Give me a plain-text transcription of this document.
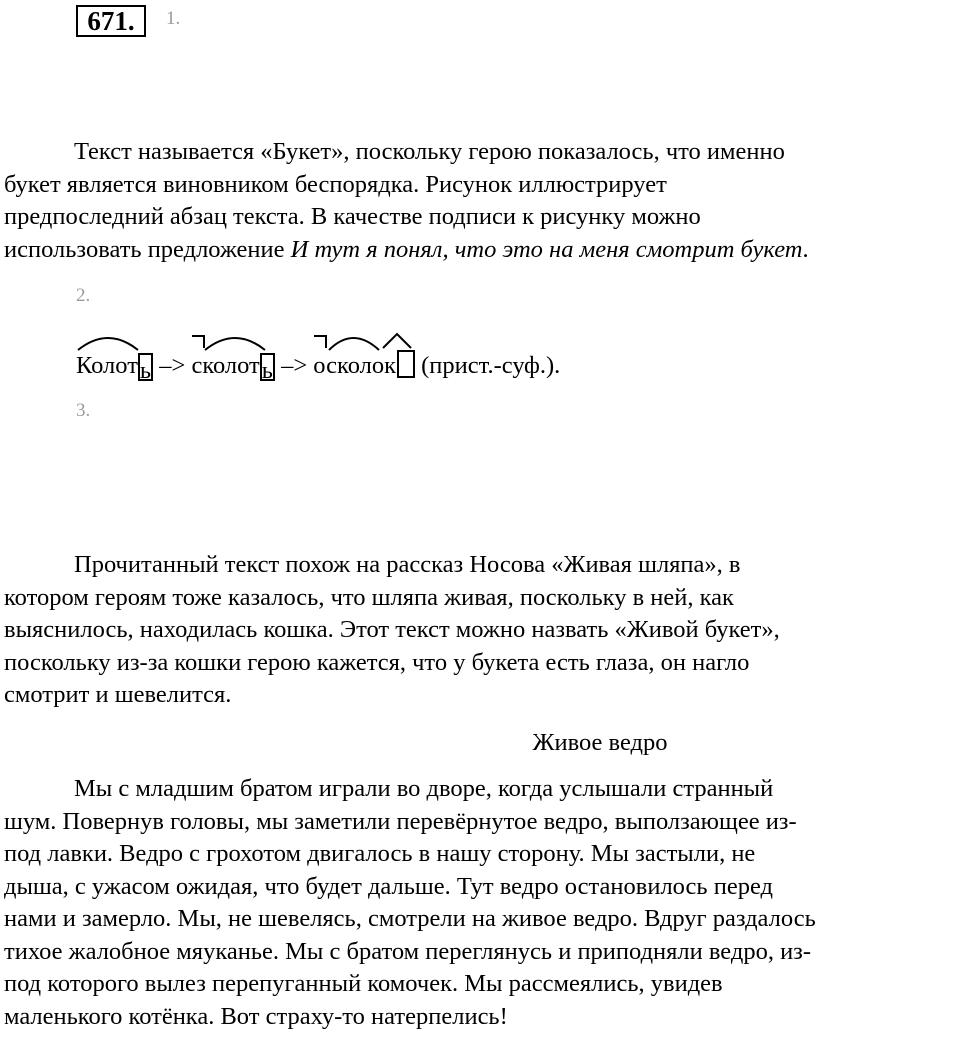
671.	1.
Текст называется «Букет», поскольку герою показалось, что именно
букет является виновником беспорядка. Рисунок иллюстрирует
предпоследний абзац текста. В качестве подписи к рисунку можно
использовать предложение И тут я понял, что это на меня смотрит букет.
2.
Колоть –>
сколоть –>
осколок (прист.-суф.).
3.
Прочитанный текст похож на рассказ Носова «Живая шляпа», в
котором героям тоже казалось, что шляпа живая, поскольку в ней, как
выяснилось, находилась кошка. Этот текст можно назвать «Живой букет»,
поскольку из-за кошки герою кажется, что у букета есть глаза, он нагло
смотрит и шевелится.
Живое ведро
Мы с младшим братом играли во дворе, когда услышали странный
шум. Повернув головы, мы заметили перевёрнутое ведро, выползающее из-
под лавки. Ведро с грохотом двигалось в нашу сторону. Мы застыли, не
дыша, с ужасом ожидая, что будет дальше. Тут ведро остановилось перед
нами и замерло. Мы, не шевелясь, смотрели на живое ведро. Вдруг раздалось
тихое жалобное мяуканье. Мы с братом переглянусь и приподняли ведро, из-
под которого вылез перепуганный комочек. Мы рассмеялись, увидев
маленького котёнка. Вот страху-то натерпелись!
